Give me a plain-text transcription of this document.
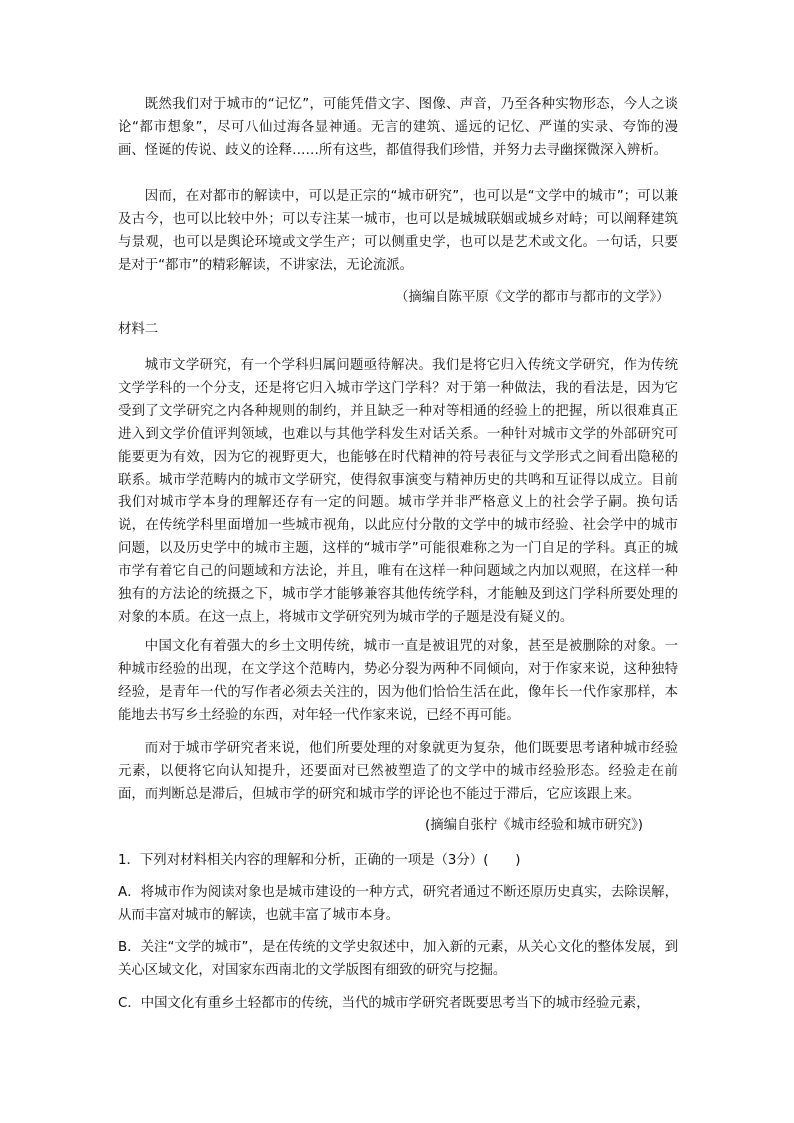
既然我们对于城市的“记忆”，可能凭借文字、图像、声音，乃至各种实物形态，今人之谈论“都市想象”，尽可八仙过海各显神通。无言的建筑、遥远的记忆、严谨的实录、夸饰的漫画、怪诞的传说、歧义的诠释……所有这些，都值得我们珍惜，并努力去寻幽探微深入辨析。

因而，在对都市的解读中，可以是正宗的“城市研究”，也可以是“文学中的城市”；可以兼及古今，也可以比较中外；可以专注某一城市，也可以是城城联姻或城乡对峙；可以阐释建筑与景观，也可以是舆论环境或文学生产；可以侧重史学，也可以是艺术或文化。一句话，只要是对于“都市”的精彩解读，不讲家法，无论流派。

（摘编自陈平原《文学的都市与都市的文学》）

材料二

城市文学研究，有一个学科归属问题亟待解决。我们是将它归入传统文学研究，作为传统文学学科的一个分支，还是将它归入城市学这门学科？对于第一种做法，我的看法是，因为它受到了文学研究之内各种规则的制约，并且缺乏一种对等相通的经验上的把握，所以很难真正进入到文学价值评判领域，也难以与其他学科发生对话关系。一种针对城市文学的外部研究可能要更为有效，因为它的视野更大，也能够在时代精神的符号表征与文学形式之间看出隐秘的联系。城市学范畴内的城市文学研究，使得叙事演变与精神历史的共鸣和互证得以成立。目前我们对城市学本身的理解还存有一定的问题。城市学并非严格意义上的社会学子嗣。换句话说，在传统学科里面增加一些城市视角，以此应付分散的文学中的城市经验、社会学中的城市问题，以及历史学中的城市主题，这样的“城市学”可能很难称之为一门自足的学科。真正的城市学有着它自己的问题域和方法论，并且，唯有在这样一种问题域之内加以观照，在这样一种独有的方法论的统摄之下，城市学才能够兼容其他传统学科，才能触及到这门学科所要处理的对象的本质。在这一点上，将城市文学研究列为城市学的子题是没有疑义的。

中国文化有着强大的乡土文明传统，城市一直是被诅咒的对象，甚至是被删除的对象。一种城市经验的出现，在文学这个范畴内，势必分裂为两种不同倾向，对于作家来说，这种独特经验，是青年一代的写作者必须去关注的，因为他们恰恰生活在此，像年长一代作家那样，本能地去书写乡土经验的东西，对年轻一代作家来说，已经不再可能。

而对于城市学研究者来说，他们所要处理的对象就更为复杂，他们既要思考诸种城市经验元素，以便将它向认知提升，还要面对已然被塑造了的文学中的城市经验形态。经验走在前面，而判断总是滞后，但城市学的研究和城市学的评论也不能过于滞后，它应该跟上来。

(摘编自张柠《城市经验和城市研究》)

1．下列对材料相关内容的理解和分析，正确的一项是（3分）(　　)

A．将城市作为阅读对象也是城市建设的一种方式，研究者通过不断还原历史真实，去除误解，从而丰富对城市的解读，也就丰富了城市本身。

B．关注“文学的城市”，是在传统的文学史叙述中，加入新的元素，从关心文化的整体发展，到关心区域文化，对国家东西南北的文学版图有细致的研究与挖掘。

C．中国文化有重乡土轻都市的传统，当代的城市学研究者既要思考当下的城市经验元素，
